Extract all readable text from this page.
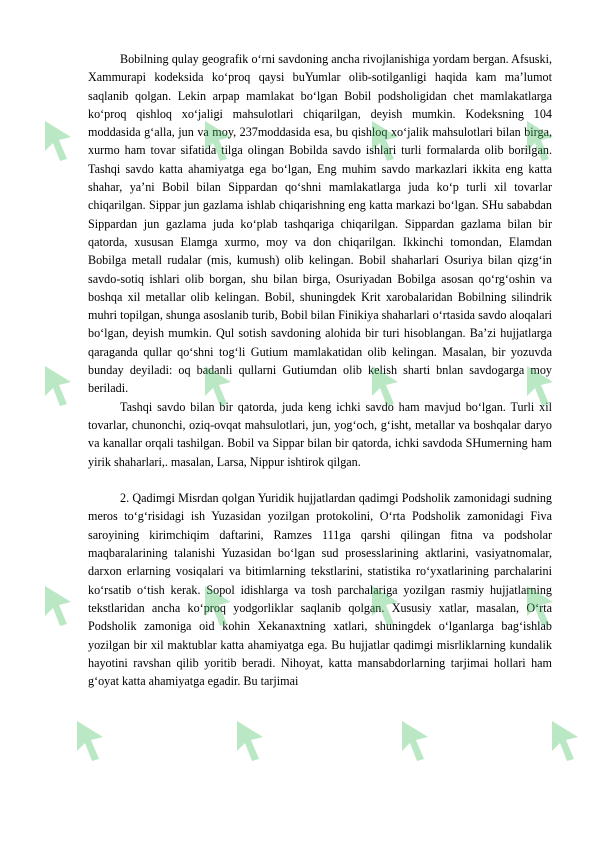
Bobilning qulay geografik oʻrni savdoning ancha rivojlanishiga yordam bergan. Afsuski, Xammurapi kodeksida koʻproq qaysi buYumlar olib-sotilganligi haqida kam maʼlumot saqlanib qolgan. Lekin arpap mamlakat boʻlgan Bobil podsholigidan chet mamlakatlarga koʻproq qishloq xoʻjaligi mahsulotlari chiqarilgan, deyish mumkin. Kodeksning 104 moddasida gʻalla, jun va moy, 237moddasida esa, bu qishloq xoʻjalik mahsulotlari bilan birga, xurmo ham tovar sifatida tilga olingan Bobilda savdo ishlari turli formalarda olib borilgan. Tashqi savdo katta ahamiyatga ega boʻlgan, Eng muhim savdo markazlari ikkita eng katta shahar, yaʼni Bobil bilan Sippardan qoʻshni mamlakatlarga juda koʻp turli xil tovarlar chiqarilgan. Sippar jun gazlama ishlab chiqarishning eng katta markazi boʻlgan. SHu sababdan Sippardan jun gazlama juda koʻplab tashqariga chiqarilgan. Sippardan gazlama bilan bir qatorda, xususan Elamga xurmo, moy va don chiqarilgan. Ikkinchi tomondan, Elamdan Bobilga metall rudalar (mis, kumush) olib kelingan. Bobil shaharlari Osuriya bilan qizgʻin savdo-sotiq ishlari olib borgan, shu bilan birga, Osuriyadan Bobilga asosan qoʻrgʻoshin va boshqa xil metallar olib kelingan. Bobil, shuningdek Krit xarobalaridan Bobilning silindrik muhri topilgan, shunga asoslanib turib, Bobil bilan Finikiya shaharlari oʻrtasida savdo aloqalari boʻlgan, deyish mumkin. Qul sotish savdoning alohida bir turi hisoblangan. Baʼzi hujjatlarga qaraganda qullar qoʻshni togʻli Gutium mamlakatidan olib kelingan. Masalan, bir yozuvda bunday deyiladi: oq badanli qullarni Gutiumdan olib kelish sharti bnlan savdogarga moy beriladi.

Tashqi savdo bilan bir qatorda, juda keng ichki savdo ham mavjud boʻlgan. Turli xil tovarlar, chunonchi, oziq-ovqat mahsulotlari, jun, yogʻoch, gʻisht, metallar va boshqalar daryo va kanallar orqali tashilgan. Bobil va Sippar bilan bir qatorda, ichki savdoda SHumerning ham yirik shaharlari,. masalan, Larsa, Nippur ishtirok qilgan.

2. Qadimgi Misrdan qolgan Yuridik hujjatlardan qadimgi Podsholik zamonidagi sudning meros toʻgʻrisidagi ish Yuzasidan yozilgan protokolini, Oʻrta Podsholik zamonidagi Fiva saroyining kirimchiqim daftarini, Ramzes 111ga qarshi qilingan fitna va podsholar maqbaralarining talanishi Yuzasidan boʻlgan sud prosesslarining aktlarini, vasiyatnomalar, darxon erlarning vosiqalari va bitimlarning tekstlarini, statistika roʻyxatlarining parchalarini koʻrsatib oʻtish kerak. Sopol idishlarga va tosh parchalariga yozilgan rasmiy hujjatlarning tekstlaridan ancha koʻproq yodgorliklar saqlanib qolgan. Xususiy xatlar, masalan, Oʻrta Podsholik zamoniga oid kohin Xekanaxtning xatlari, shuningdek oʻlganlarga bagʻishlab yozilgan bir xil maktublar katta ahamiyatga ega. Bu hujjatlar qadimgi misrliklarning kundalik hayotini ravshan qilib yoritib beradi. Nihoyat, katta mansabdorlarning tarjimai hollari ham gʻoyat katta ahamiyatga egadir. Bu tarjimai
